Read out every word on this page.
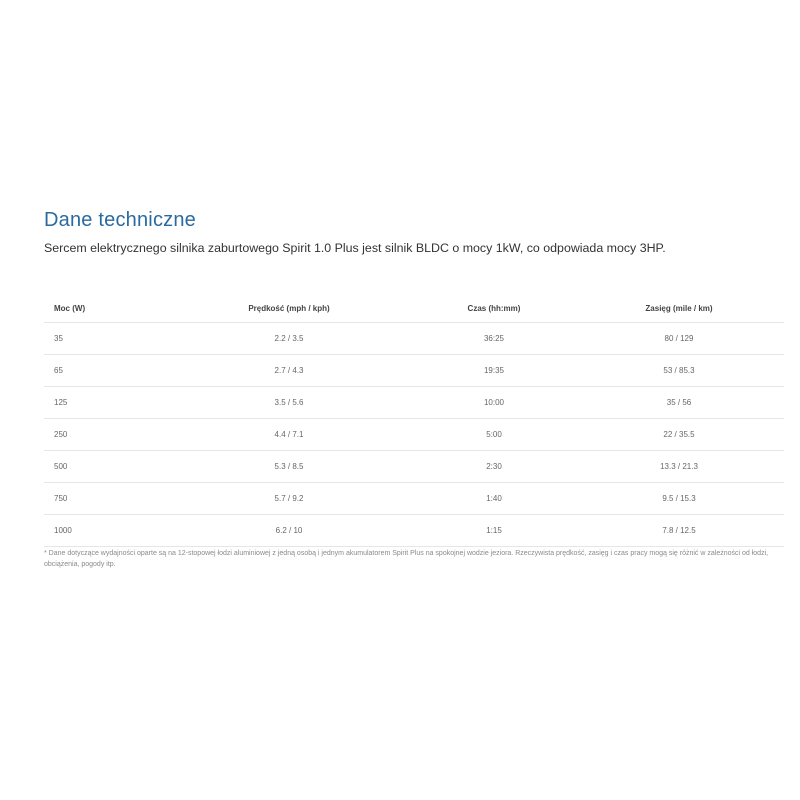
Dane techniczne

Sercem elektrycznego silnika zaburtowego Spirit 1.0 Plus jest silnik BLDC o mocy 1kW, co odpowiada mocy 3HP.

Moc (W)	Prędkość (mph / kph)	Czas (hh:mm)	Zasięg (mile / km)
35	2.2 / 3.5	36:25	80 / 129
65	2.7 / 4.3	19:35	53 / 85.3
125	3.5 / 5.6	10:00	35 / 56
250	4.4 / 7.1	5:00	22 / 35.5
500	5.3 / 8.5	2:30	13.3 / 21.3
750	5.7 / 9.2	1:40	9.5 / 15.3
1000	6.2 / 10	1:15	7.8 / 12.5

* Dane dotyczące wydajności oparte są na 12-stopowej łodzi aluminiowej z jedną osobą i jednym akumulatorem Spirit Plus na spokojnej wodzie jeziora. Rzeczywista prędkość, zasięg i czas pracy mogą się różnić w zależności od łodzi, obciążenia, pogody itp.
